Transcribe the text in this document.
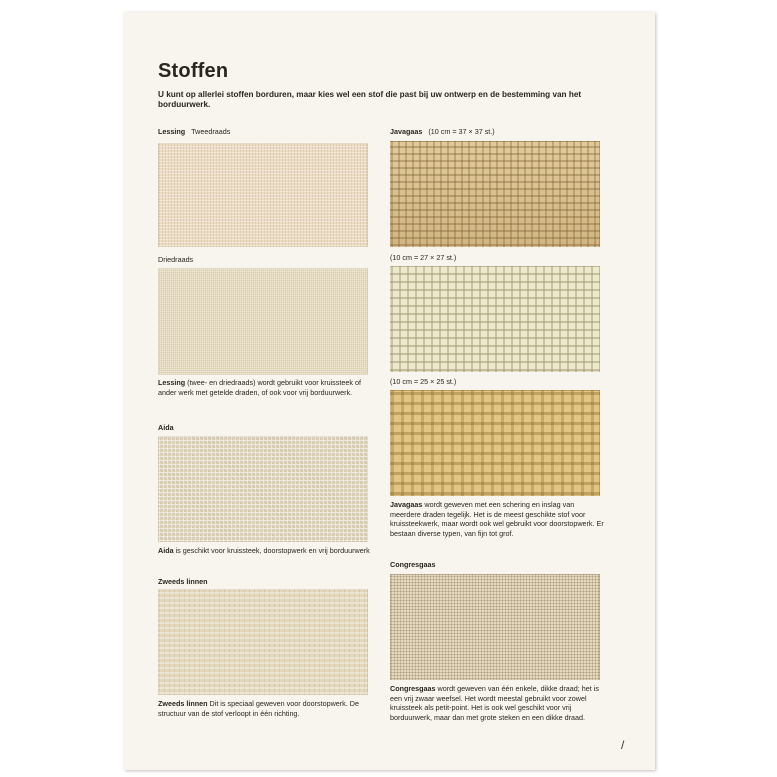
Stoffen
U kunt op allerlei stoffen borduren, maar kies wel een stof die past bij uw ontwerp en de bestemming van het borduurwerk.
Lessing Tweedraads
Driedraads
Lessing (twee- en driedraads) wordt gebruikt voor kruissteek of ander werk met getelde draden, of ook voor vrij borduurwerk.
Aida
Aida is geschikt voor kruissteek, doorstopwerk en vrij borduurwerk
Zweeds linnen
Zweeds linnen Dit is speciaal geweven voor doorstopwerk. De structuur van de stof verloopt in één richting.
Javagaas (10 cm = 37 × 37 st.)
(10 cm = 27 × 27 st.)
(10 cm = 25 × 25 st.)
Javagaas wordt geweven met een schering en inslag van meerdere draden tegelijk. Het is de meest geschikte stof voor kruissteekwerk, maar wordt ook wel gebruikt voor doorstopwerk. Er bestaan diverse typen, van fijn tot grof.
Congresgaas
Congresgaas wordt geweven van één enkele, dikke draad; het is een vrij zwaar weefsel. Het wordt meestal gebruikt voor zowel kruissteek als petit-point. Het is ook wel geschikt voor vrij borduurwerk, maar dan met grote steken en een dikke draad.
/
